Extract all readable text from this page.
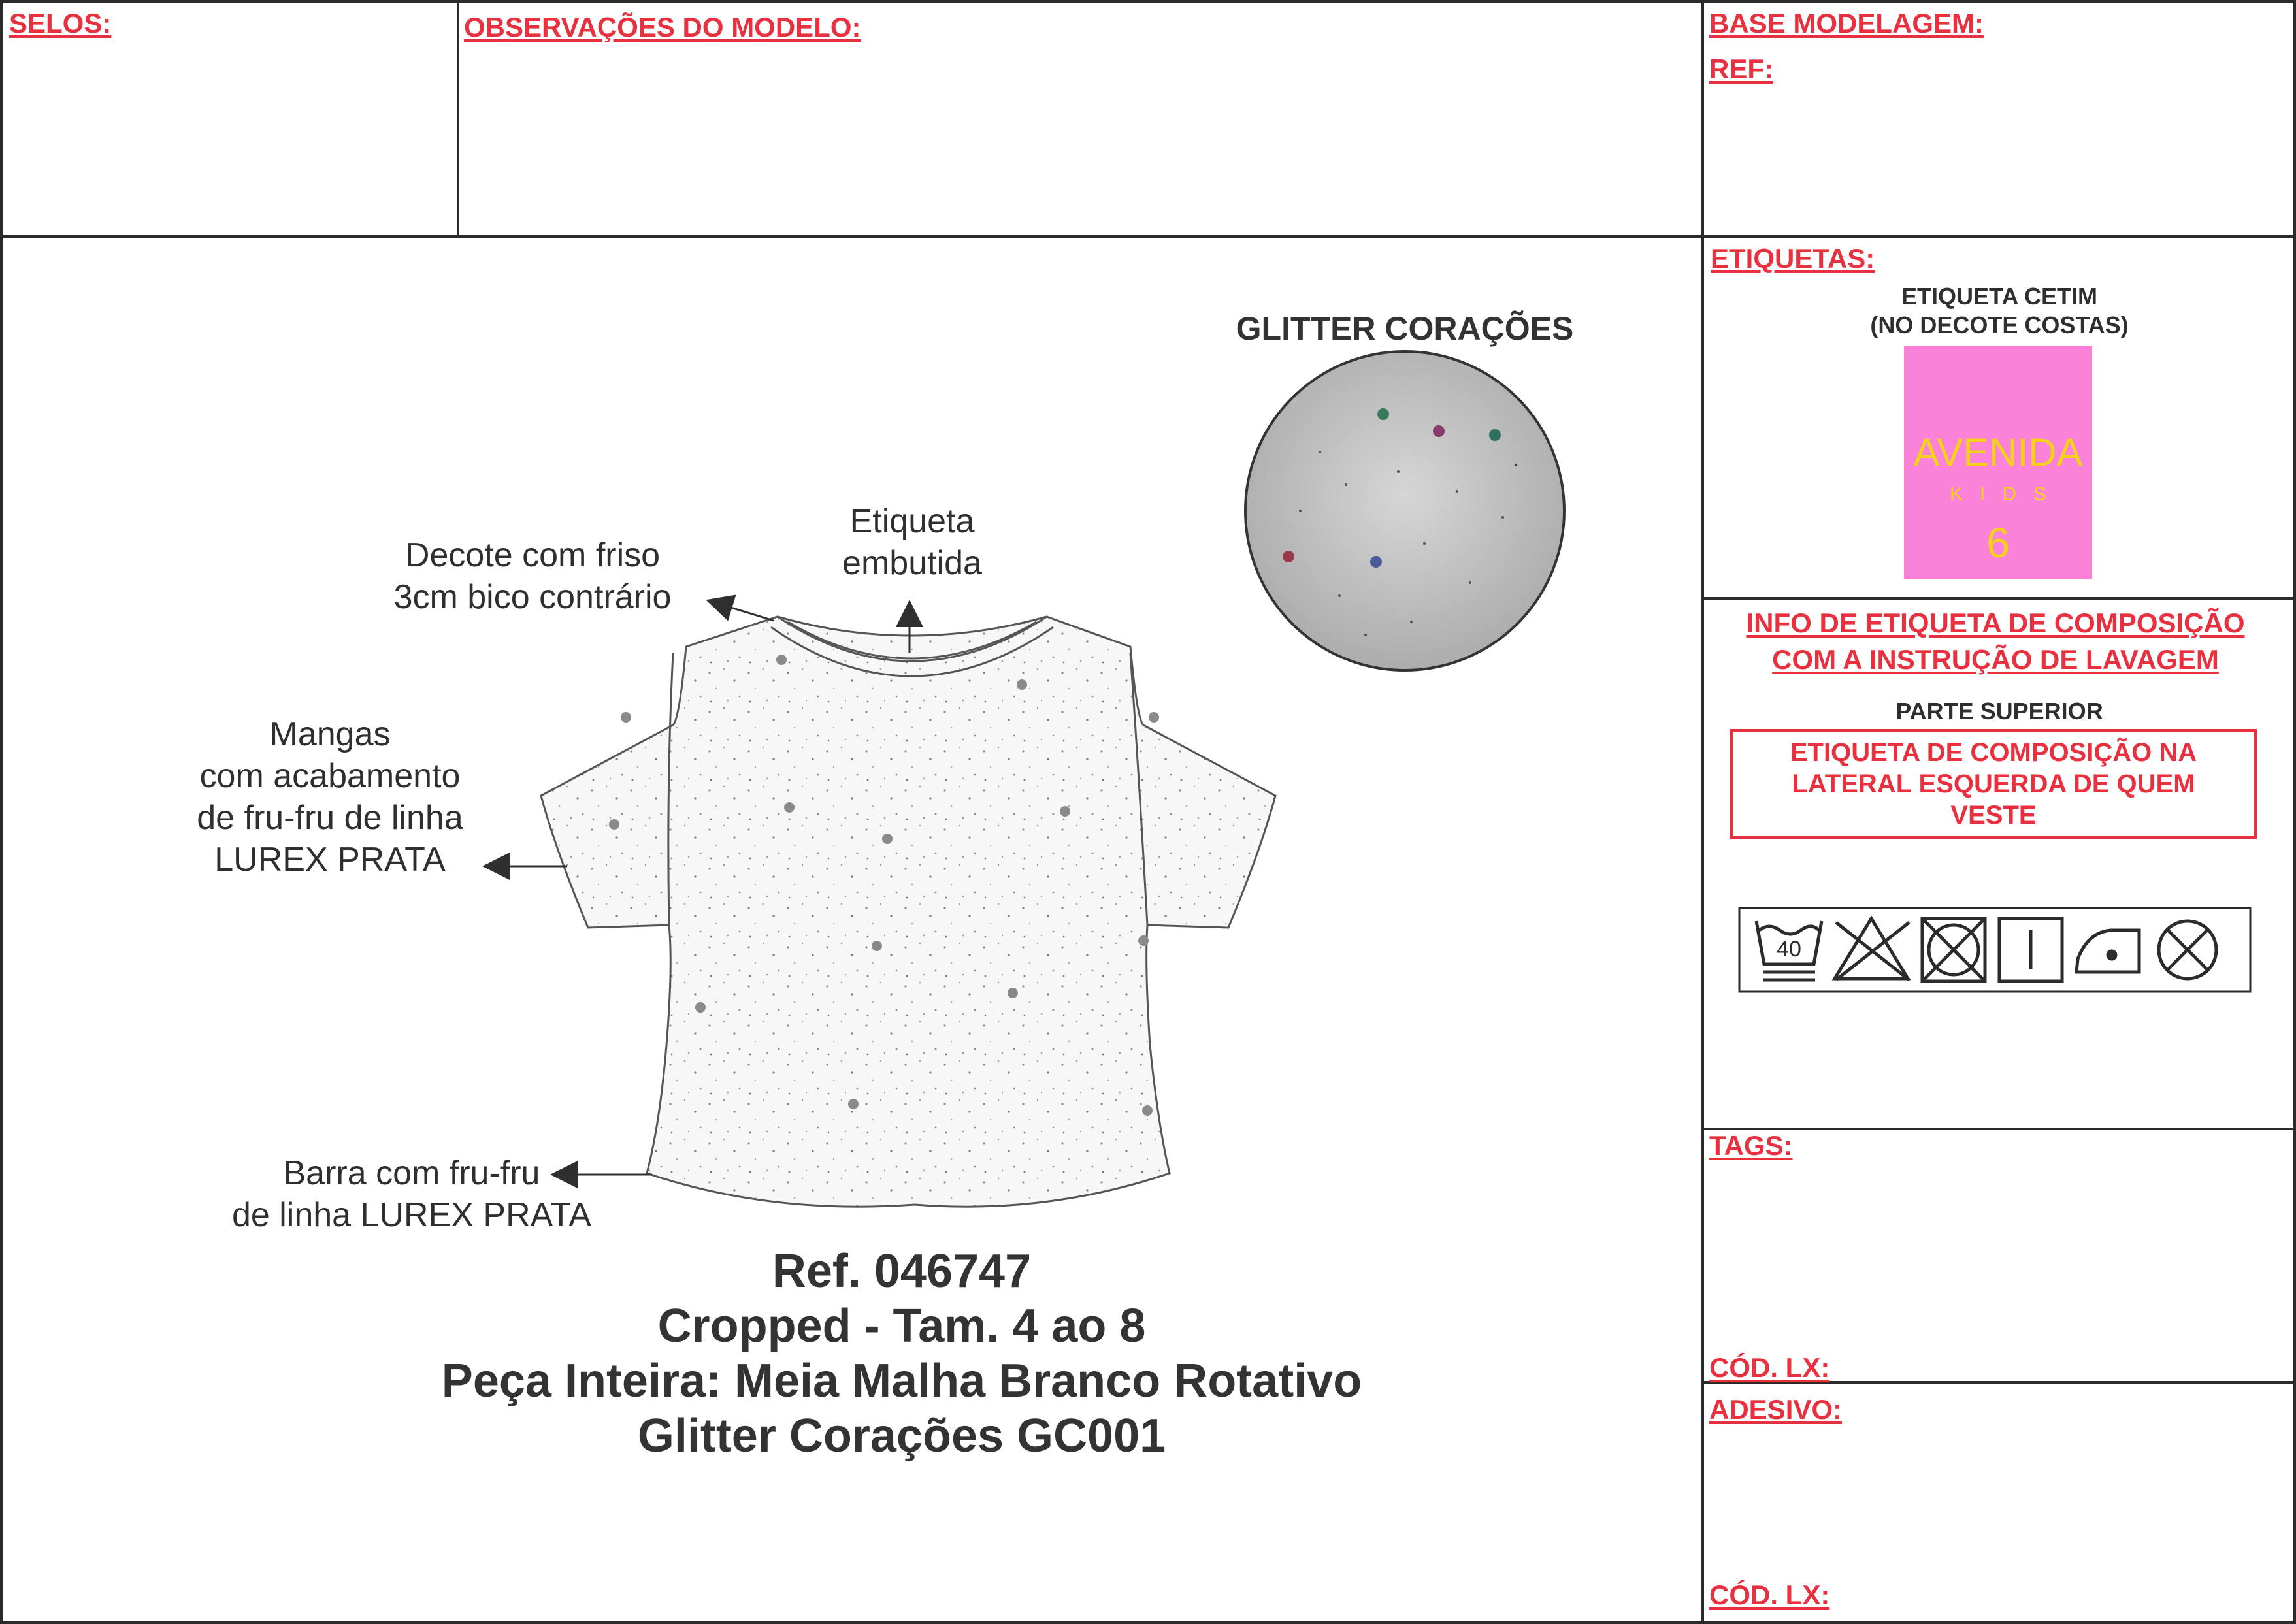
SELOS:	OBSERVAÇÕES DO MODELO:	BASE MODELAGEM:
REF:
ETIQUETAS:
ETIQUETA CETIM
(NO DECOTE COSTAS)
AVENIDA
KIDS
6
INFO DE ETIQUETA DE COMPOSIÇÃO
COM A INSTRUÇÃO DE LAVAGEM
PARTE SUPERIOR
ETIQUETA DE COMPOSIÇÃO NA
LATERAL ESQUERDA DE QUEM
VESTE
40
TAGS:
CÓD. LX:
ADESIVO:
CÓD. LX:
GLITTER CORAÇÕES
Etiqueta
embutida
Decote com friso
3cm bico contrário
Mangas
com acabamento
de fru-fru de linha
LUREX PRATA
Barra com fru-fru
de linha LUREX PRATA
Ref. 046747
Cropped - Tam. 4 ao 8
Peça Inteira: Meia Malha Branco Rotativo
Glitter Corações GC001
